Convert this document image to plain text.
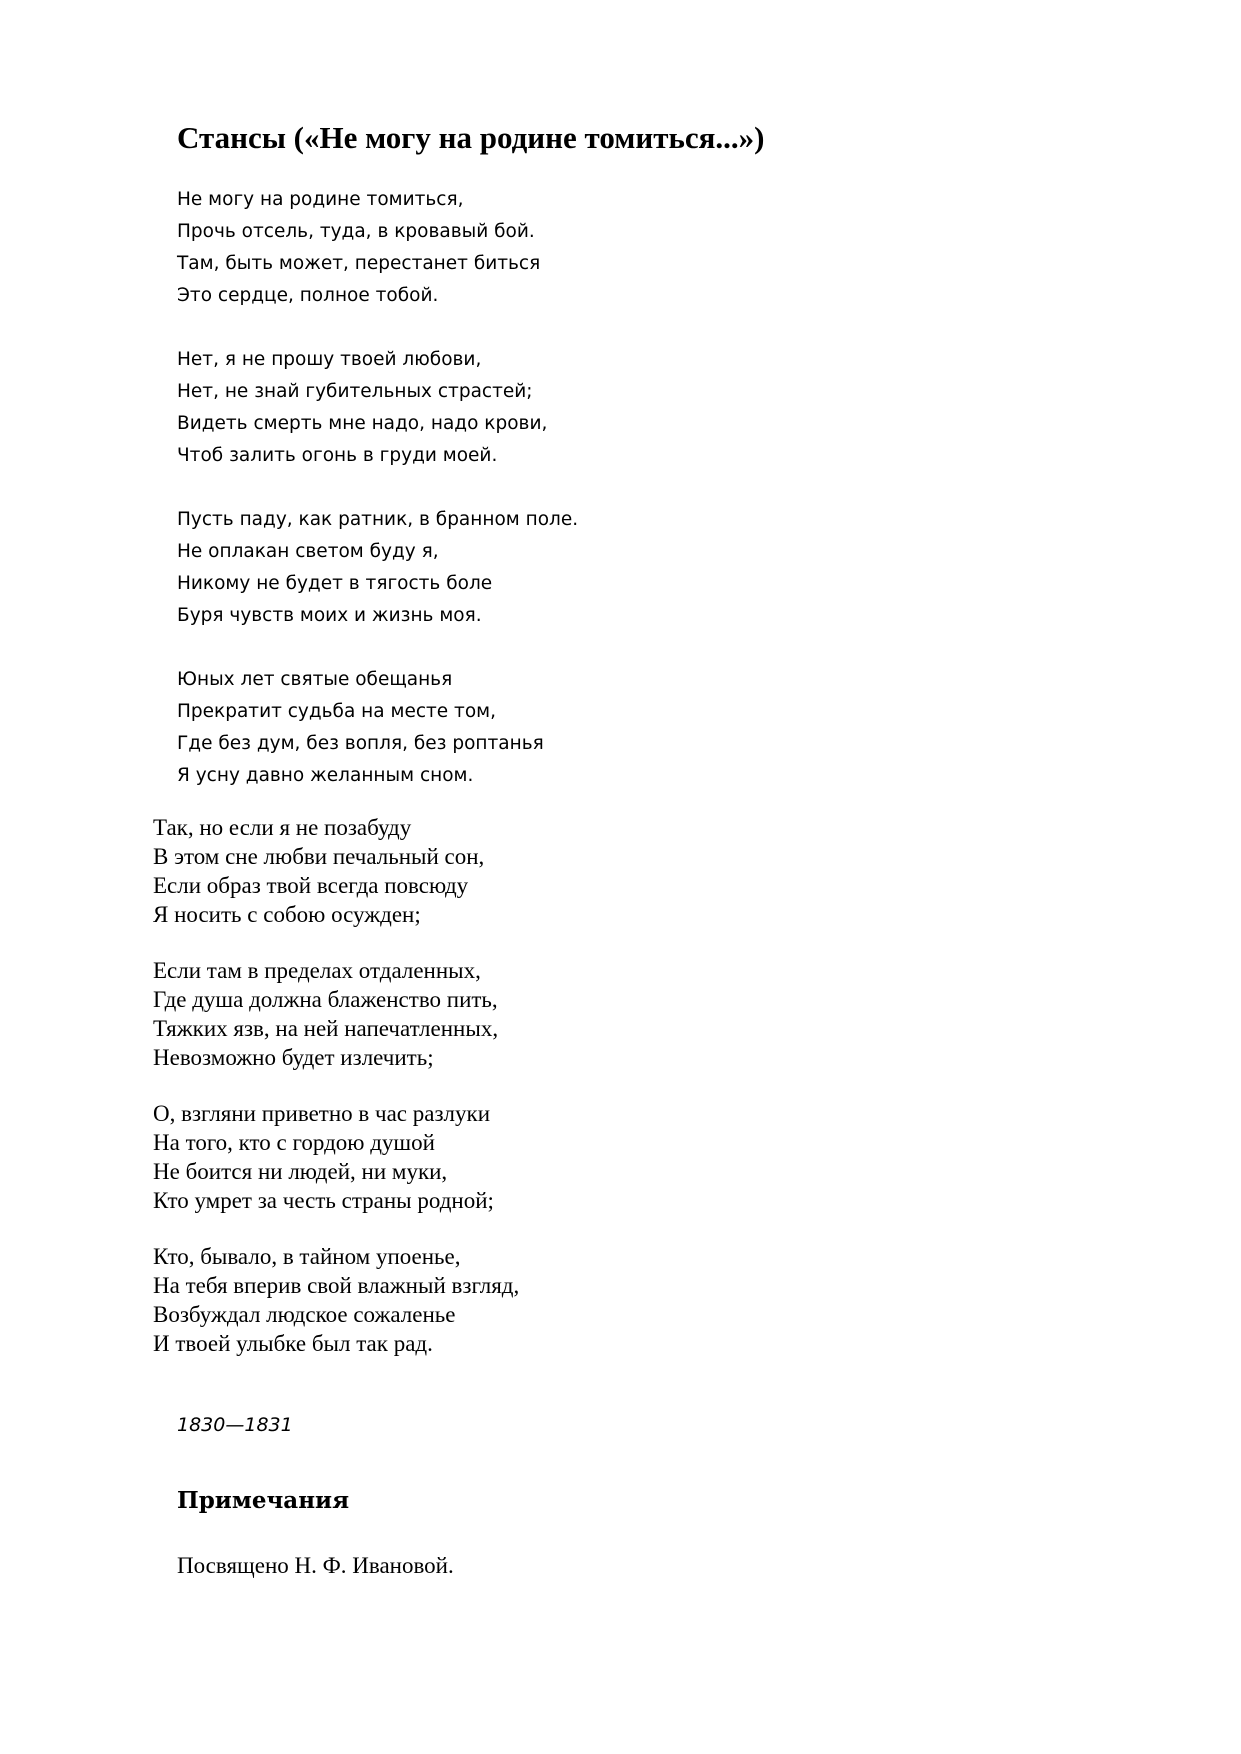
Стансы («Не могу на родине томиться...»)
Не могу на родине томиться,
Прочь отсель, туда, в кровавый бой.
Там, быть может, перестанет биться
Это сердце, полное тобой.
Нет, я не прошу твоей любови,
Нет, не знай губительных страстей;
Видеть смерть мне надо, надо крови,
Чтоб залить огонь в груди моей.
Пусть паду, как ратник, в бранном поле.
Не оплакан светом буду я,
Никому не будет в тягость боле
Буря чувств моих и жизнь моя.
Юных лет святые обещанья
Прекратит судьба на месте том,
Где без дум, без вопля, без роптанья
Я усну давно желанным сном.
Так, но если я не позабуду
В этом сне любви печальный сон,
Если образ твой всегда повсюду
Я носить с собою осужден;
Если там в пределах отдаленных,
Где душа должна блаженство пить,
Тяжких язв, на ней напечатленных,
Невозможно будет излечить;
О, взгляни приветно в час разлуки
На того, кто с гордою душой
Не боится ни людей, ни муки,
Кто умрет за честь страны родной;
Кто, бывало, в тайном упоенье,
На тебя вперив свой влажный взгляд,
Возбуждал людское сожаленье
И твоей улыбке был так рад.

1830—1831

Примечания

Посвящено Н. Ф. Ивановой.
